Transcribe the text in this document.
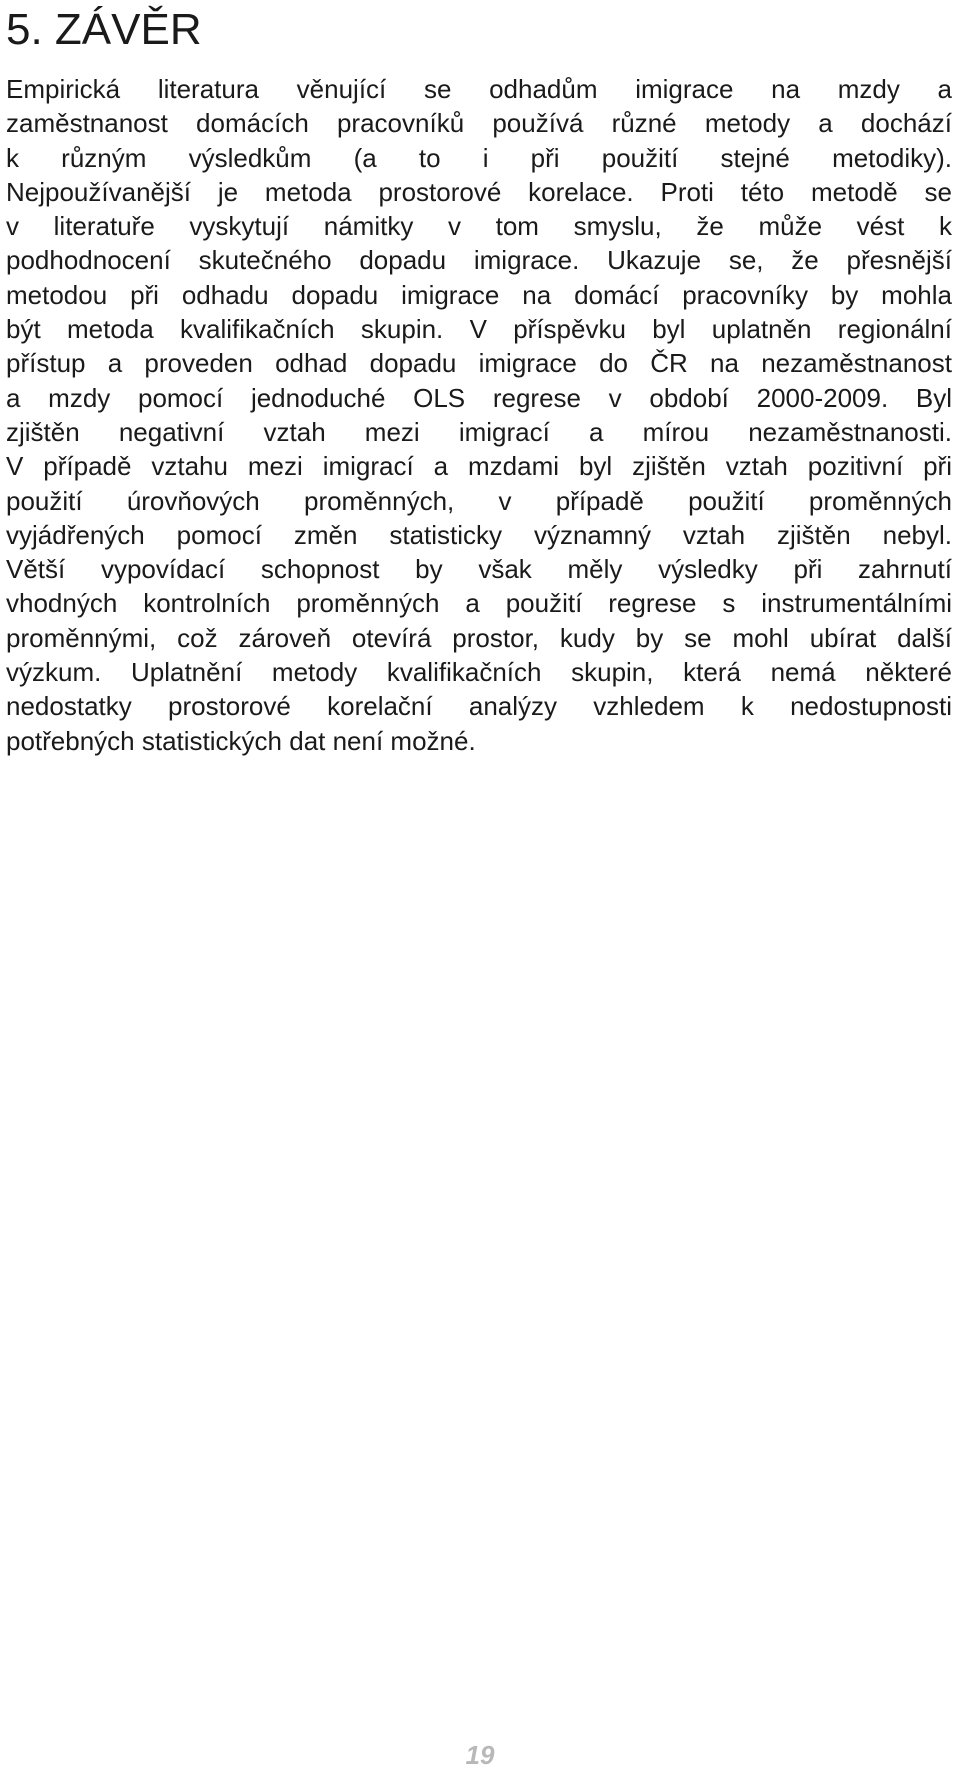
5. ZÁVĚR
Empirická literatura věnující se odhadům imigrace na mzdy a
zaměstnanost domácích pracovníků používá různé metody a dochází
k různým výsledkům (a to i při použití stejné metodiky).
Nejpoužívanější je metoda prostorové korelace. Proti této metodě se
v literatuře vyskytují námitky v tom smyslu, že může vést k
podhodnocení skutečného dopadu imigrace. Ukazuje se, že přesnější
metodou při odhadu dopadu imigrace na domácí pracovníky by mohla
být metoda kvalifikačních skupin. V příspěvku byl uplatněn regionální
přístup a proveden odhad dopadu imigrace do ČR na nezaměstnanost
a mzdy pomocí jednoduché OLS regrese v období 2000-2009. Byl
zjištěn negativní vztah mezi imigrací a mírou nezaměstnanosti.
V případě vztahu mezi imigrací a mzdami byl zjištěn vztah pozitivní při
použití úrovňových proměnných, v případě použití proměnných
vyjádřených pomocí změn statisticky významný vztah zjištěn nebyl.
Větší vypovídací schopnost by však měly výsledky při zahrnutí
vhodných kontrolních proměnných a použití regrese s instrumentálními
proměnnými, což zároveň otevírá prostor, kudy by se mohl ubírat další
výzkum. Uplatnění metody kvalifikačních skupin, která nemá některé
nedostatky prostorové korelační analýzy vzhledem k nedostupnosti
potřebných statistických dat není možné.
19
